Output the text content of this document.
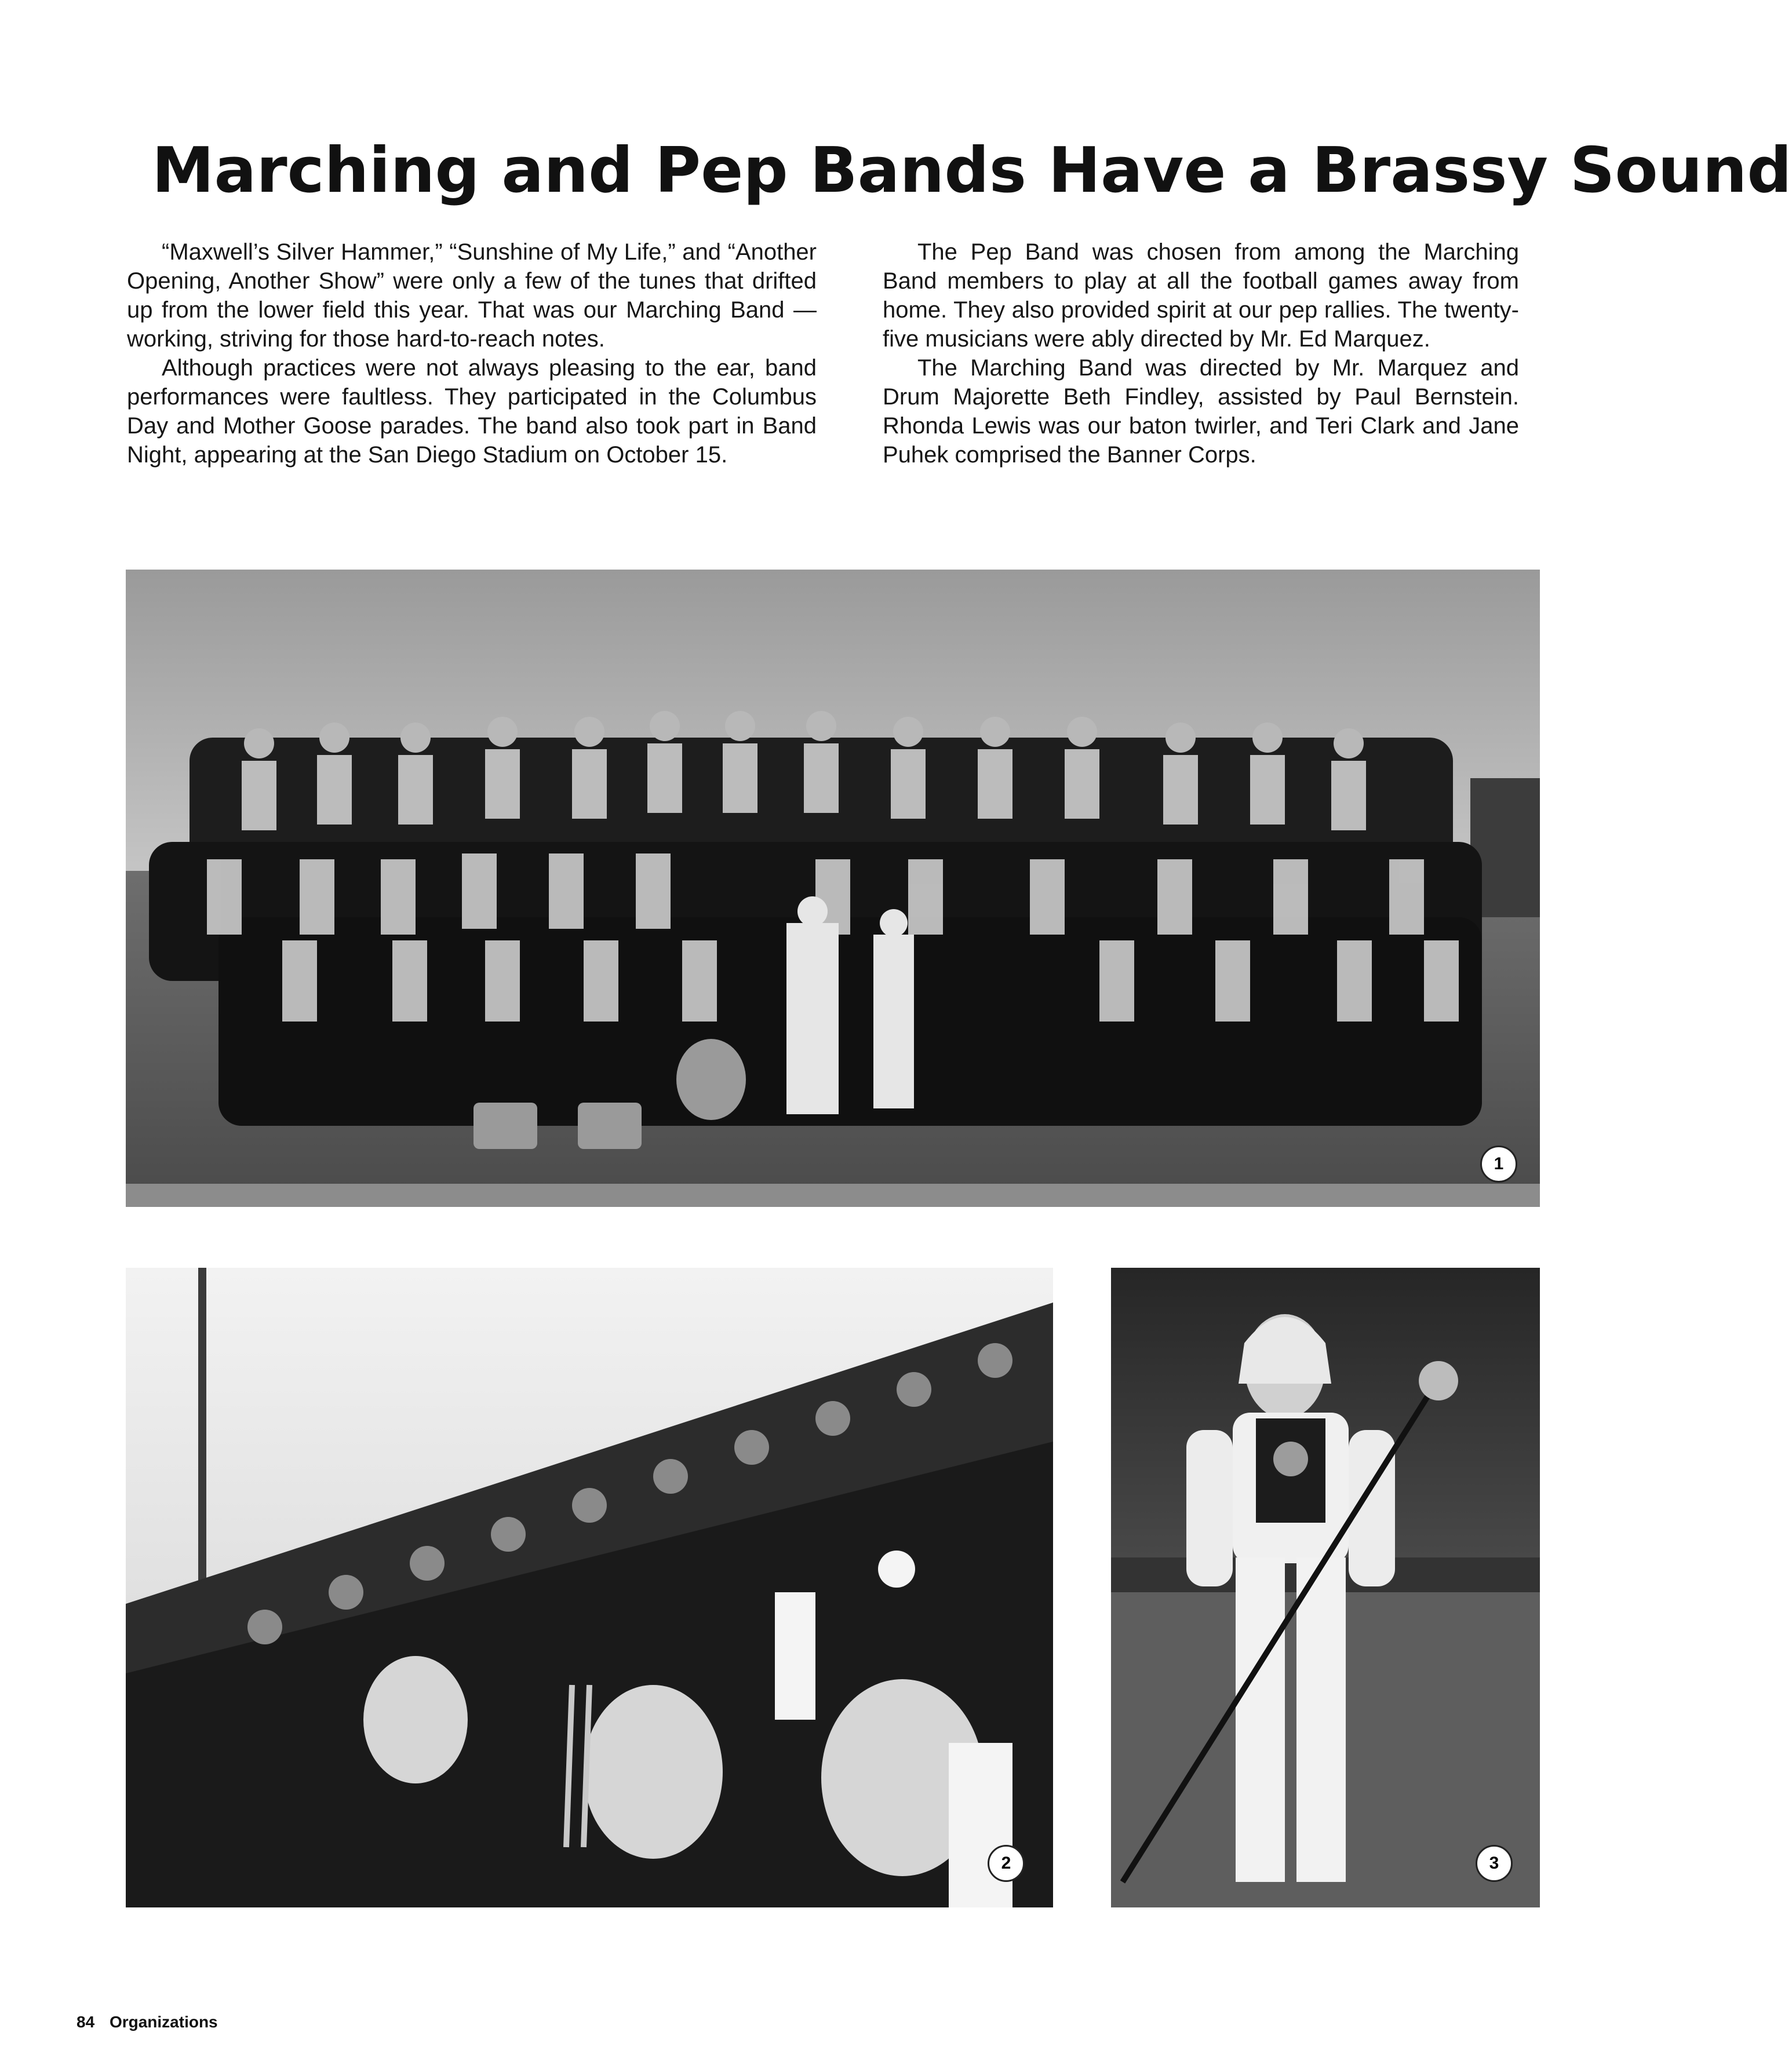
Marching and Pep Bands Have a Brassy Sound

“Maxwell’s Silver Hammer,” “Sunshine of My Life,” and “Another Opening, Another Show” were only a few of the tunes that drifted up from the lower field this year. That was our Marching Band — working, striving for those hard-to-reach notes.

Although practices were not always pleasing to the ear, band performances were faultless. They participated in the Columbus Day and Mother Goose parades. The band also took part in Band Night, appearing at the San Diego Stadium on October 15.

The Pep Band was chosen from among the Marching Band members to play at all the football games away from home. They also provided spirit at our pep rallies. The twenty-five musicians were ably directed by Mr. Ed Marquez.

The Marching Band was directed by Mr. Marquez and Drum Majorette Beth Findley, assisted by Paul Bernstein. Rhonda Lewis was our baton twirler, and Teri Clark and Jane Puhek comprised the Banner Corps.

1
2	3
84 Organizations
